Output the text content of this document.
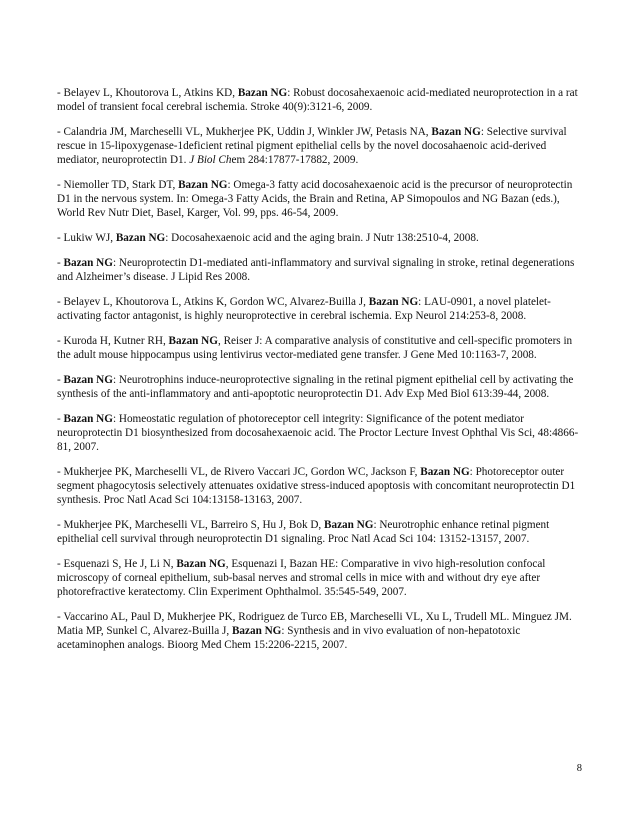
- Belayev L, Khoutorova L, Atkins KD, Bazan NG: Robust docosahexaenoic acid-mediated neuroprotection in a rat model of transient focal cerebral ischemia. Stroke 40(9):3121-6, 2009.

- Calandria JM, Marcheselli VL, Mukherjee PK, Uddin J, Winkler JW, Petasis NA, Bazan NG: Selective survival rescue in 15-lipoxygenase-1deficient retinal pigment epithelial cells by the novel docosahaenoic acid-derived mediator, neuroprotectin D1. J Biol Chem 284:17877-17882, 2009.

- Niemoller TD, Stark DT, Bazan NG: Omega-3 fatty acid docosahexaenoic acid is the precursor of neuroprotectin D1 in the nervous system. In: Omega-3 Fatty Acids, the Brain and Retina, AP Simopoulos and NG Bazan (eds.), World Rev Nutr Diet, Basel, Karger, Vol. 99, pps. 46-54, 2009.

- Lukiw WJ, Bazan NG: Docosahexaenoic acid and the aging brain. J Nutr 138:2510-4, 2008.

- Bazan NG: Neuroprotectin D1-mediated anti-inflammatory and survival signaling in stroke, retinal degenerations and Alzheimer’s disease. J Lipid Res 2008.

- Belayev L, Khoutorova L, Atkins K, Gordon WC, Alvarez-Builla J, Bazan NG: LAU-0901, a novel platelet-activating factor antagonist, is highly neuroprotective in cerebral ischemia. Exp Neurol 214:253-8, 2008.

- Kuroda H, Kutner RH, Bazan NG, Reiser J: A comparative analysis of constitutive and cell-specific promoters in the adult mouse hippocampus using lentivirus vector-mediated gene transfer. J Gene Med 10:1163-7, 2008.

- Bazan NG: Neurotrophins induce-neuroprotective signaling in the retinal pigment epithelial cell by activating the synthesis of the anti-inflammatory and anti-apoptotic neuroprotectin D1. Adv Exp Med Biol 613:39-44, 2008.

- Bazan NG: Homeostatic regulation of photoreceptor cell integrity: Significance of the potent mediator neuroprotectin D1 biosynthesized from docosahexaenoic acid. The Proctor Lecture Invest Ophthal Vis Sci, 48:4866-81, 2007.

- Mukherjee PK, Marcheselli VL, de Rivero Vaccari JC, Gordon WC, Jackson F, Bazan NG: Photoreceptor outer segment phagocytosis selectively attenuates oxidative stress-induced apoptosis with concomitant neuroprotectin D1 synthesis. Proc Natl Acad Sci 104:13158-13163, 2007.

- Mukherjee PK, Marcheselli VL, Barreiro S, Hu J, Bok D, Bazan NG: Neurotrophic enhance retinal pigment epithelial cell survival through neuroprotectin D1 signaling. Proc Natl Acad Sci 104: 13152-13157, 2007.

- Esquenazi S, He J, Li N, Bazan NG, Esquenazi I, Bazan HE: Comparative in vivo high-resolution confocal microscopy of corneal epithelium, sub-basal nerves and stromal cells in mice with and without dry eye after photorefractive keratectomy. Clin Experiment Ophthalmol. 35:545-549, 2007.

- Vaccarino AL, Paul D, Mukherjee PK, Rodriguez de Turco EB, Marcheselli VL, Xu L, Trudell ML. Minguez JM. Matia MP, Sunkel C, Alvarez-Builla J, Bazan NG: Synthesis and in vivo evaluation of non-hepatotoxic acetaminophen analogs. Bioorg Med Chem 15:2206-2215, 2007.

8
